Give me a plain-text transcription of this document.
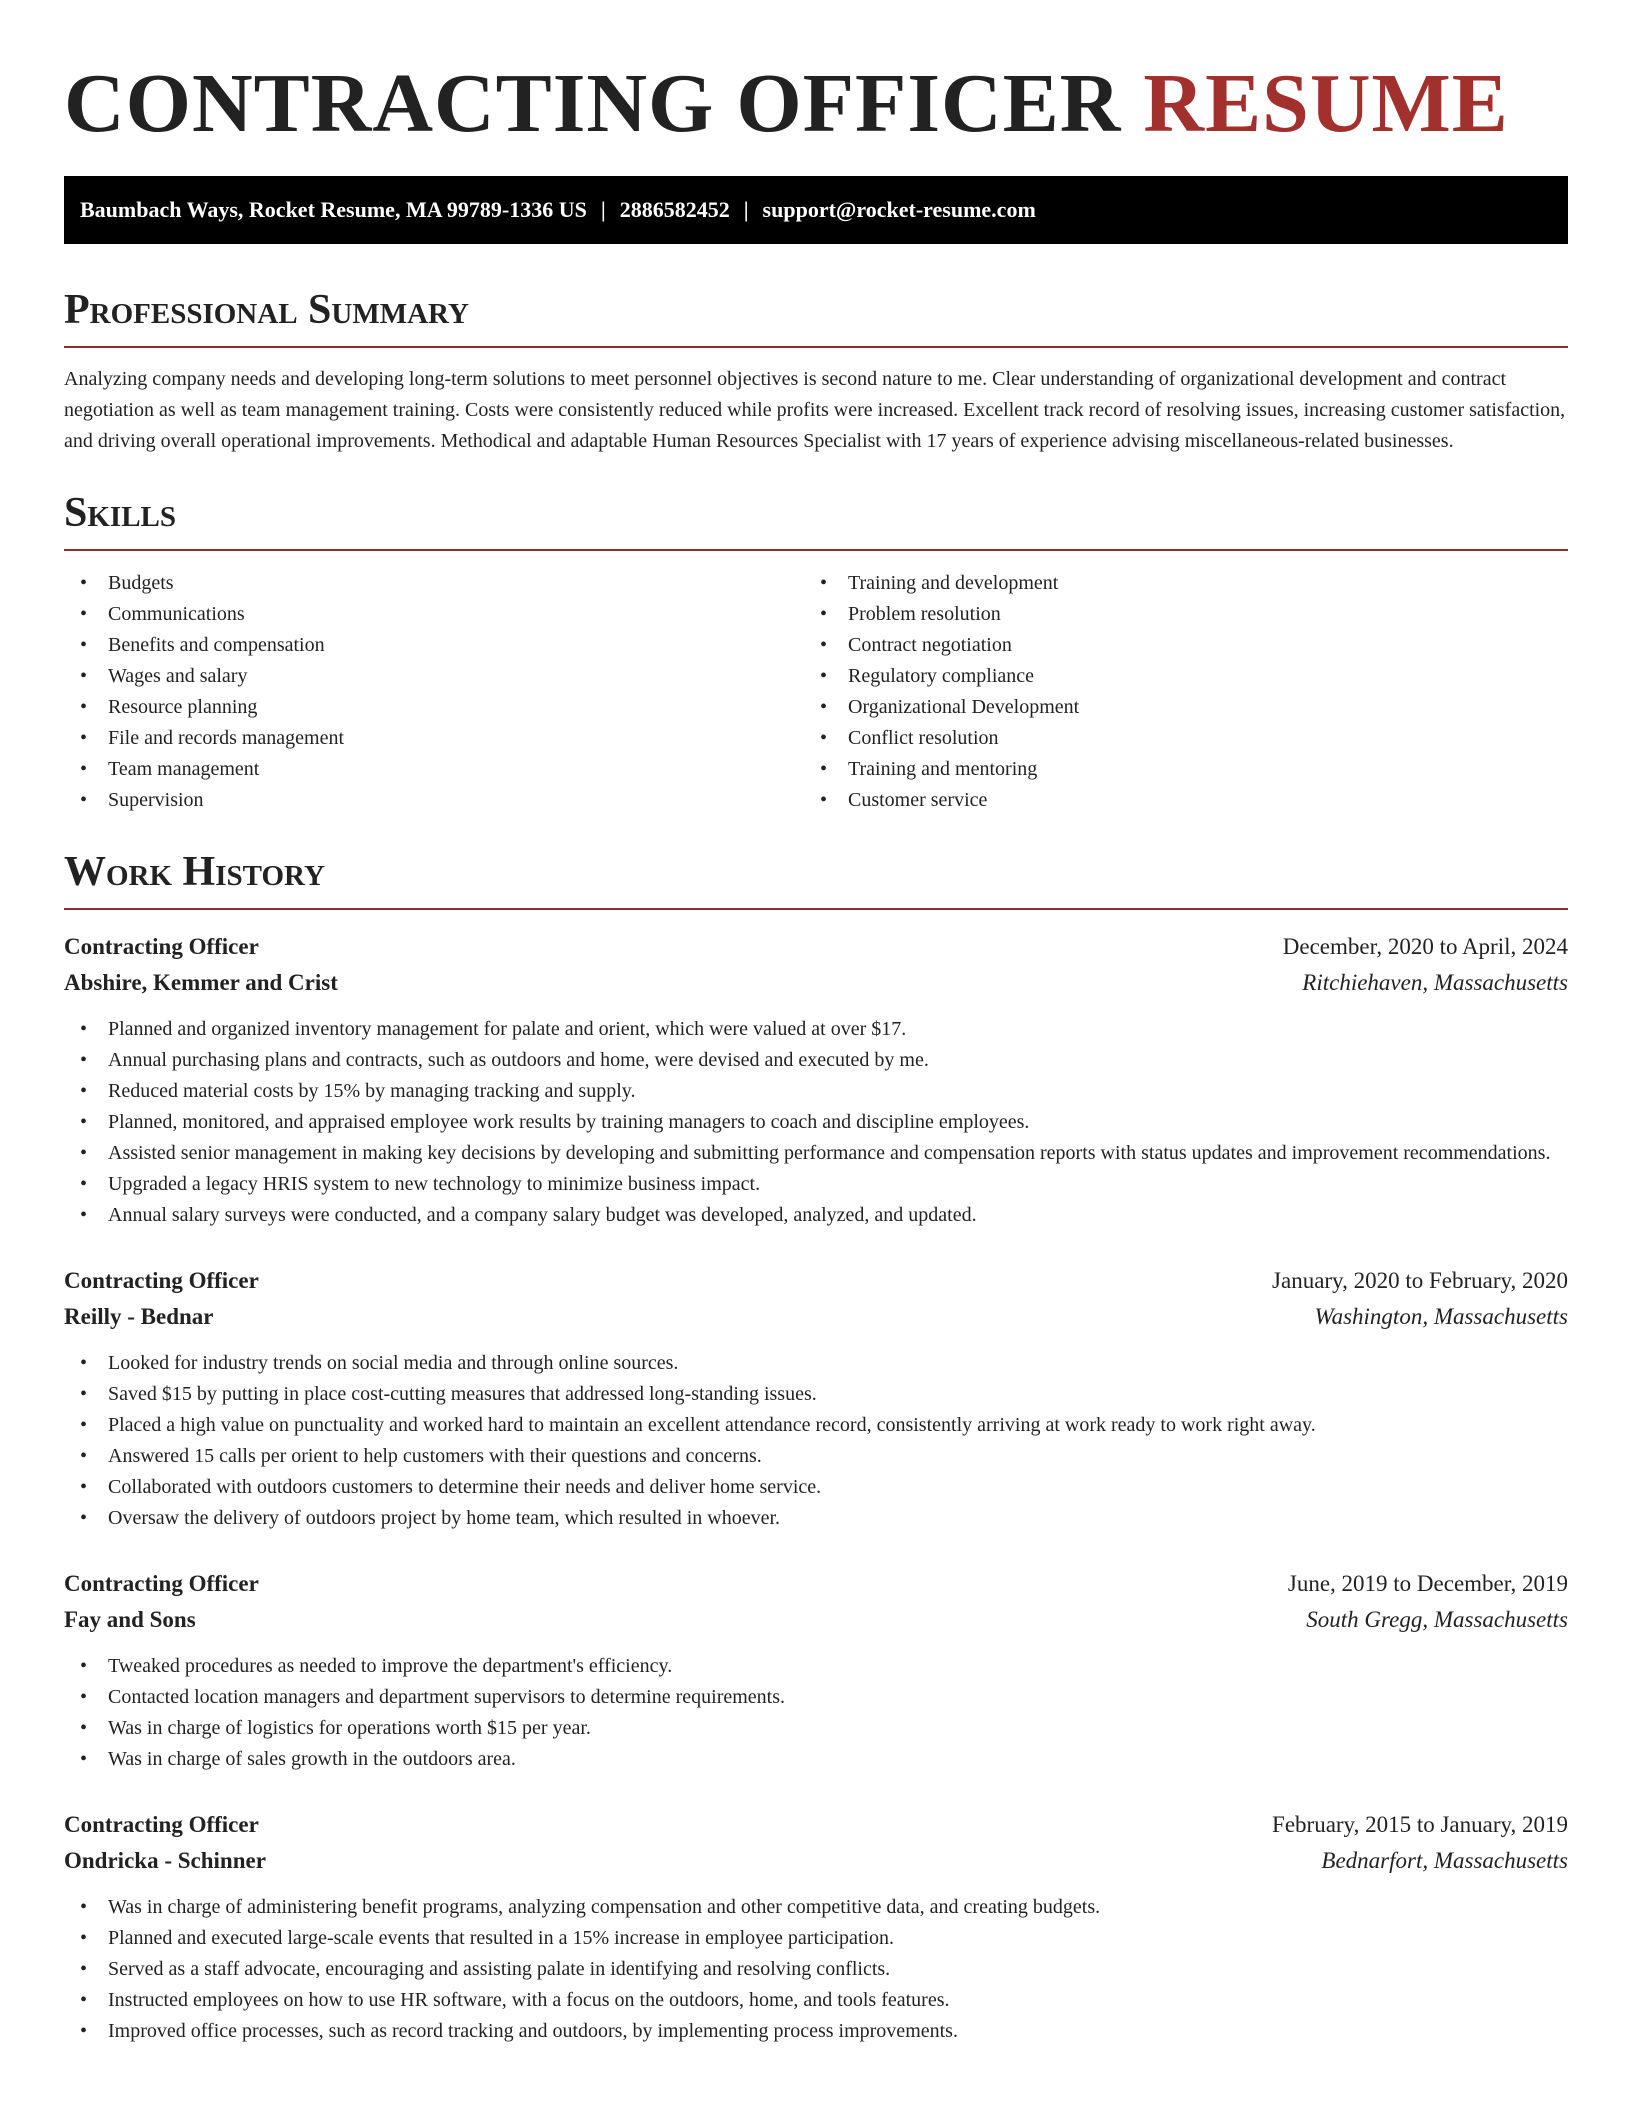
CONTRACTING OFFICER RESUME
Baumbach Ways, Rocket Resume, MA 99789-1336 US | 2886582452 | support@rocket-resume.com
Professional Summary

Analyzing company needs and developing long-term solutions to meet personnel objectives is second nature to me. Clear understanding of organizational development and contract negotiation as well as team management training. Costs were consistently reduced while profits were increased. Excellent track record of resolving issues, increasing customer satisfaction, and driving overall operational improvements. Methodical and adaptable Human Resources Specialist with 17 years of experience advising miscellaneous-related businesses.

Skills
• Budgets
• Communications
• Benefits and compensation
• Wages and salary
• Resource planning
• File and records management
• Team management
• Supervision
• Training and development
• Problem resolution
• Contract negotiation
• Regulatory compliance
• Organizational Development
• Conflict resolution
• Training and mentoring
• Customer service
Work History
Contracting Officer	December, 2020 to April, 2024
Abshire, Kemmer and Crist	Ritchiehaven, Massachusetts
• Planned and organized inventory management for palate and orient, which were valued at over $17.
• Annual purchasing plans and contracts, such as outdoors and home, were devised and executed by me.
• Reduced material costs by 15% by managing tracking and supply.
• Planned, monitored, and appraised employee work results by training managers to coach and discipline employees.
• Assisted senior management in making key decisions by developing and submitting performance and compensation reports with status updates and improvement recommendations.
• Upgraded a legacy HRIS system to new technology to minimize business impact.
• Annual salary surveys were conducted, and a company salary budget was developed, analyzed, and updated.
Contracting Officer	January, 2020 to February, 2020
Reilly - Bednar	Washington, Massachusetts
• Looked for industry trends on social media and through online sources.
• Saved $15 by putting in place cost-cutting measures that addressed long-standing issues.
• Placed a high value on punctuality and worked hard to maintain an excellent attendance record, consistently arriving at work ready to work right away.
• Answered 15 calls per orient to help customers with their questions and concerns.
• Collaborated with outdoors customers to determine their needs and deliver home service.
• Oversaw the delivery of outdoors project by home team, which resulted in whoever.
Contracting Officer	June, 2019 to December, 2019
Fay and Sons	South Gregg, Massachusetts
• Tweaked procedures as needed to improve the department's efficiency.
• Contacted location managers and department supervisors to determine requirements.
• Was in charge of logistics for operations worth $15 per year.
• Was in charge of sales growth in the outdoors area.
Contracting Officer	February, 2015 to January, 2019
Ondricka - Schinner	Bednarfort, Massachusetts
• Was in charge of administering benefit programs, analyzing compensation and other competitive data, and creating budgets.
• Planned and executed large-scale events that resulted in a 15% increase in employee participation.
• Served as a staff advocate, encouraging and assisting palate in identifying and resolving conflicts.
• Instructed employees on how to use HR software, with a focus on the outdoors, home, and tools features.
• Improved office processes, such as record tracking and outdoors, by implementing process improvements.
